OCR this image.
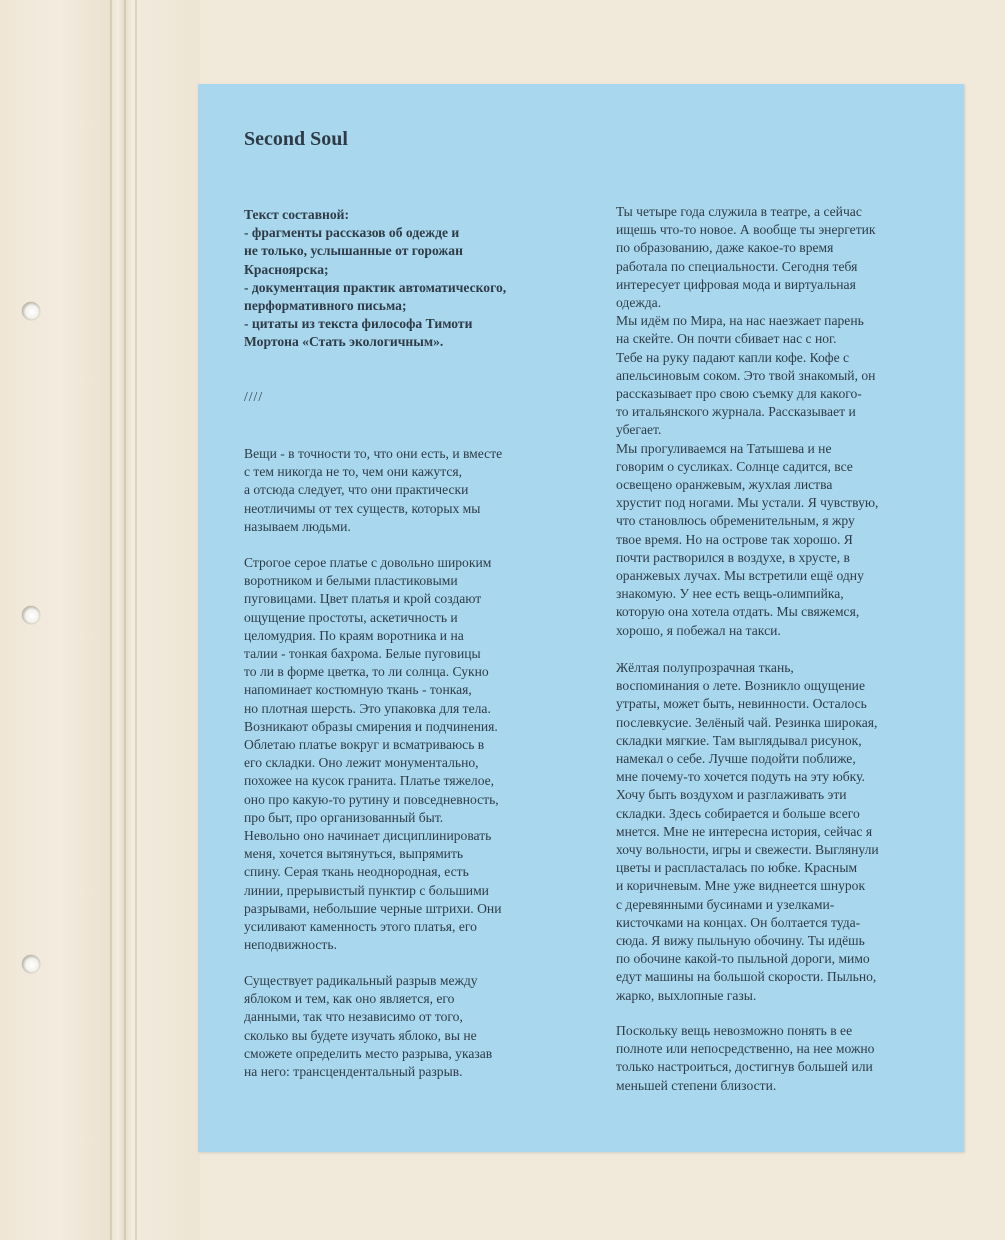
Second Soul

Текст составной:
- фрагменты рассказов об одежде и
не только, услышанные от горожан
Красноярска;
- документация практик автоматического,
перформативного письма;
- цитаты из текста философа Тимоти
Мортона «Стать экологичным».

////

Вещи - в точности то, что они есть, и вместе
с тем никогда не то, чем они кажутся,
а отсюда следует, что они практически
неотличимы от тех существ, которых мы
называем людьми.

Строгое серое платье с довольно широким
воротником и белыми пластиковыми
пуговицами. Цвет платья и крой создают
ощущение простоты, аскетичность и
целомудрия. По краям воротника и на
талии - тонкая бахрома. Белые пуговицы
то ли в форме цветка, то ли солнца. Сукно
напоминает костюмную ткань - тонкая,
но плотная шерсть. Это упаковка для тела.
Возникают образы смирения и подчинения.
Облетаю платье вокруг и всматриваюсь в
его складки. Оно лежит монументально,
похожее на кусок гранита. Платье тяжелое,
оно про какую-то рутину и повседневность,
про быт, про организованный быт.
Невольно оно начинает дисциплинировать
меня, хочется вытянуться, выпрямить
спину. Серая ткань неоднородная, есть
линии, прерывистый пунктир с большими
разрывами, небольшие черные штрихи. Они
усиливают каменность этого платья, его
неподвижность.

Существует радикальный разрыв между
яблоком и тем, как оно является, его
данными, так что независимо от того,
сколько вы будете изучать яблоко, вы не
сможете определить место разрыва, указав
на него: трансцендентальный разрыв.

Ты четыре года служила в театре, а сейчас
ищешь что-то новое. А вообще ты энергетик
по образованию, даже какое-то время
работала по специальности. Сегодня тебя
интересует цифровая мода и виртуальная
одежда.
Мы идём по Мира, на нас наезжает парень
на скейте. Он почти сбивает нас с ног.
Тебе на руку падают капли кофе. Кофе с
апельсиновым соком. Это твой знакомый, он
рассказывает про свою съемку для какого-
то итальянского журнала. Рассказывает и
убегает.
Мы прогуливаемся на Татышева и не
говорим о сусликах. Солнце садится, все
освещено оранжевым, жухлая листва
хрустит под ногами. Мы устали. Я чувствую,
что становлюсь обременительным, я жру
твое время. Но на острове так хорошо. Я
почти растворился в воздухе, в хрусте, в
оранжевых лучах. Мы встретили ещё одну
знакомую. У нее есть вещь-олимпийка,
которую она хотела отдать. Мы свяжемся,
хорошо, я побежал на такси.

Жёлтая полупрозрачная ткань,
воспоминания о лете. Возникло ощущение
утраты, может быть, невинности. Осталось
послевкусие. Зелёный чай. Резинка широкая,
складки мягкие. Там выглядывал рисунок,
намекал о себе. Лучше подойти поближе,
мне почему-то хочется подуть на эту юбку.
Хочу быть воздухом и разглаживать эти
складки. Здесь собирается и больше всего
мнется. Мне не интересна история, сейчас я
хочу вольности, игры и свежести. Выглянули
цветы и распласталась по юбке. Красным
и коричневым. Мне уже виднеется шнурок
с деревянными бусинами и узелками-
кисточками на концах. Он болтается туда-
сюда. Я вижу пыльную обочину. Ты идёшь
по обочине какой-то пыльной дороги, мимо
едут машины на большой скорости. Пыльно,
жарко, выхлопные газы.

Поскольку вещь невозможно понять в ее
полноте или непосредственно, на нее можно
только настроиться, достигнув большей или
меньшей степени близости.
